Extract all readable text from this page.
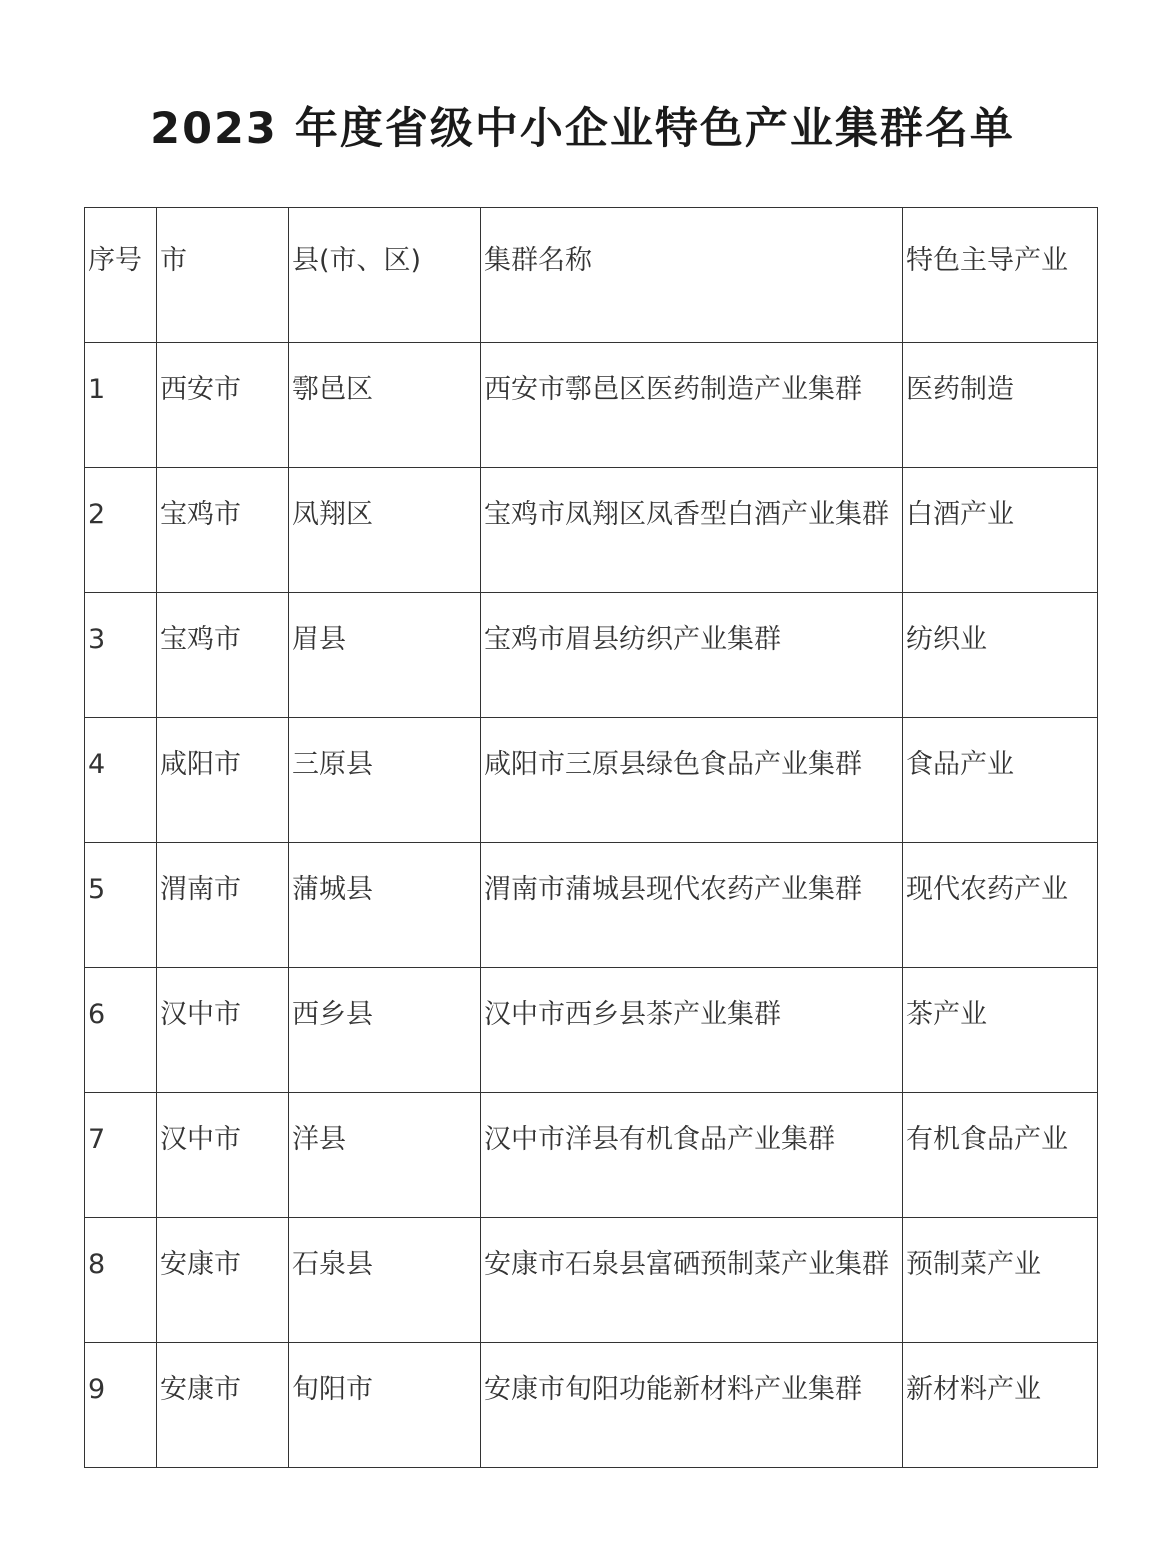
2023 年度省级中小企业特色产业集群名单
序号	市	县(市、区)	集群名称	特色主导产业
1	西安市	鄠邑区	西安市鄠邑区医药制造产业集群	医药制造
2	宝鸡市	凤翔区	宝鸡市凤翔区凤香型白酒产业集群	白酒产业
3	宝鸡市	眉县	宝鸡市眉县纺织产业集群	纺织业
4	咸阳市	三原县	咸阳市三原县绿色食品产业集群	食品产业
5	渭南市	蒲城县	渭南市蒲城县现代农药产业集群	现代农药产业
6	汉中市	西乡县	汉中市西乡县茶产业集群	茶产业
7	汉中市	洋县	汉中市洋县有机食品产业集群	有机食品产业
8	安康市	石泉县	安康市石泉县富硒预制菜产业集群	预制菜产业
9	安康市	旬阳市	安康市旬阳功能新材料产业集群	新材料产业
